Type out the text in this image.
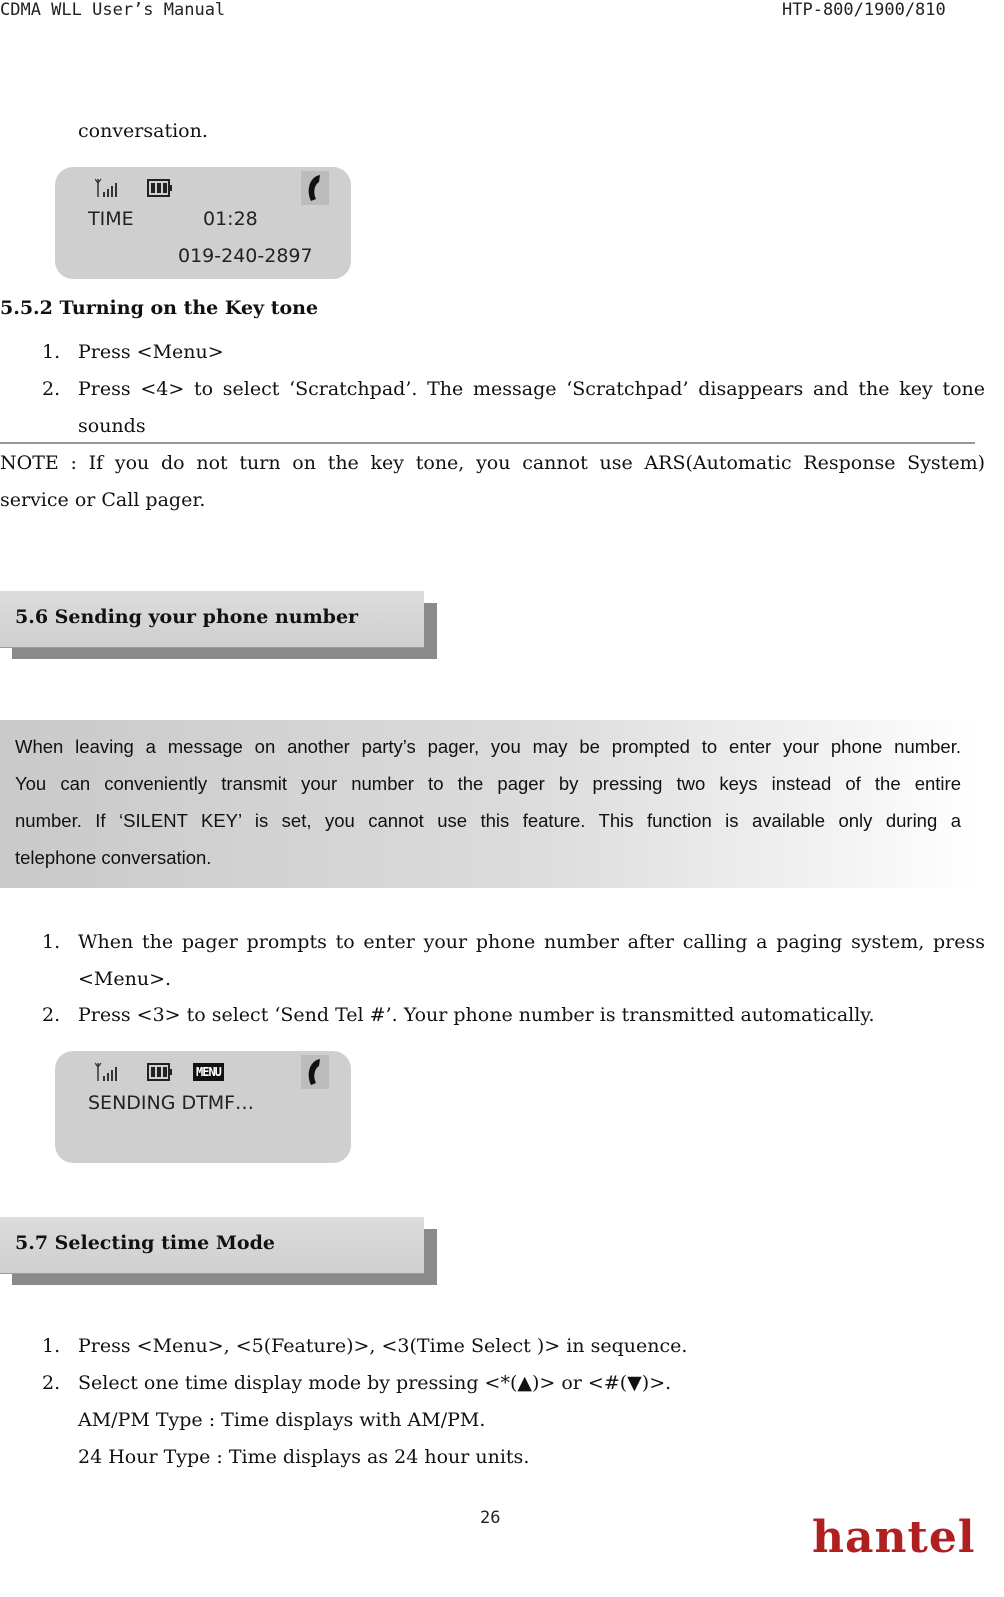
CDMA WLL User’s Manual	HTP-800/1900/810
conversation.
TIME	01:28
019-240-2897
5.5.2 Turning on the Key tone
1. Press <Menu>
2. Press <4> to select ‘Scratchpad’. The message ‘Scratchpad’ disappears and the key tone
sounds
NOTE : If you do not turn on the key tone, you cannot use ARS(Automatic Response System)
service or Call pager.
5.6 Sending your phone number
When leaving a message on another party’s pager, you may be prompted to enter your phone number.
You can conveniently transmit your number to the pager by pressing two keys instead of the entire
number. If ‘SILENT KEY’ is set, you cannot use this feature. This function is available only during a
telephone conversation.
1. When the pager prompts to enter your phone number after calling a paging system, press
<Menu>.
2. Press <3> to select ‘Send Tel #’. Your phone number is transmitted automatically.
MENU
SENDING DTMF…
5.7 Selecting time Mode
1. Press <Menu>, <5(Feature)>, <3(Time Select )> in sequence.
2. Select one time display mode by pressing <*(▲)> or <#(▼)>.
AM/PM Type : Time displays with AM/PM.
24 Hour Type : Time displays as 24 hour units.
26	hantel
